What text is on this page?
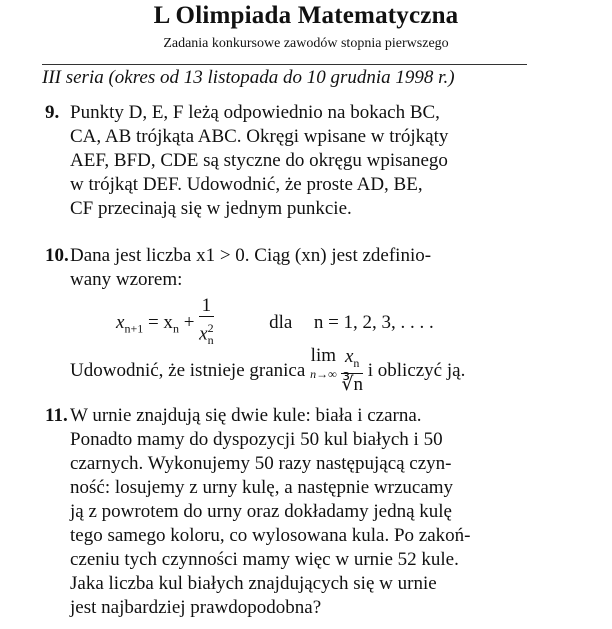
L Olimpiada Matematyczna
Zadania konkursowe zawodów stopnia pierwszego
III seria (okres od 13 listopada do 10 grudnia 1998 r.)
9. Punkty D, E, F leżą odpowiednio na bokach BC,
CA, AB trójkąta ABC. Okręgi wpisane w trójkąty
AEF, BFD, CDE są styczne do okręgu wpisanego
w trójkąt DEF. Udowodnić, że proste AD, BE,
CF przecinają się w jednym punkcie.
10. Dana jest liczba x1 > 0. Ciąg (xn) jest zdefinio-
wany wzorem:
$x_{n+1} = x_n + \frac{1}{x^2_n}$	dla n = 1, 2, 3, . . . .
Udowodnić, że istnieje granica
lim
n→∞
$\frac{x_n}{∛n}$ i obliczyć ją.
11. W urnie znajdują się dwie kule: biała i czarna.
Ponadto mamy do dyspozycji 50 kul białych i 50
czarnych. Wykonujemy 50 razy następującą czyn-
ność: losujemy z urny kulę, a następnie wrzucamy
ją z powrotem do urny oraz dokładamy jedną kulę
tego samego koloru, co wylosowana kula. Po zakoń-
czeniu tych czynności mamy więc w urnie 52 kule.
Jaka liczba kul białych znajdujących się w urnie
jest najbardziej prawdopodobna?
